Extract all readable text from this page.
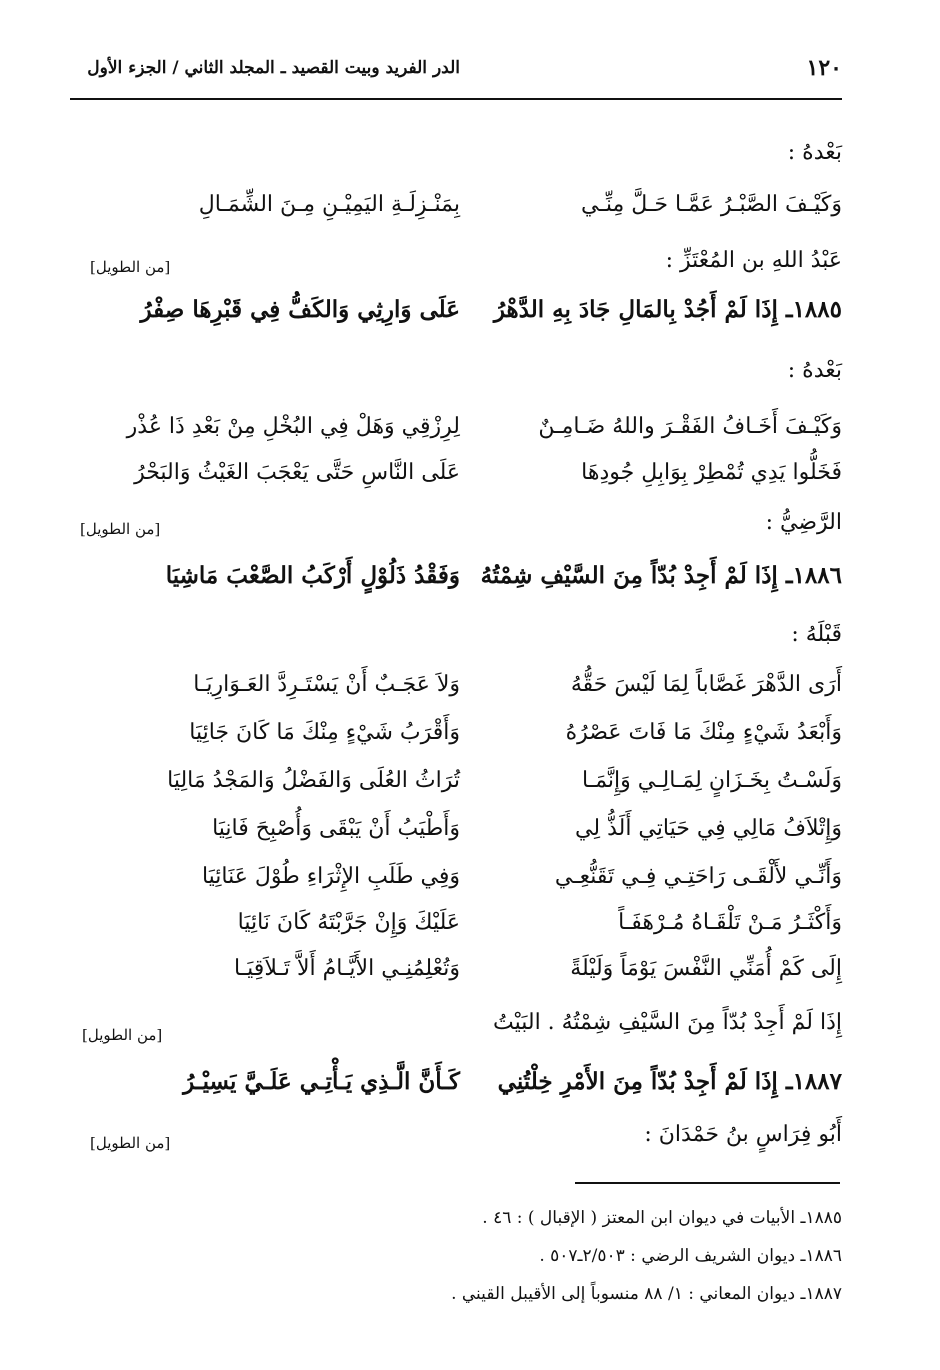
الدر الفريد وبيت القصيد ـ المجلد الثاني / الجزء الأول	١٢٠
بَعْدهُ :
وَكَيْـفَ الصَّبْـرُ عَمَّـا حَـلَّ مِنِّـي
بِمَنْـزِلَـةِ اليَمِيْـنِ مِـنَ الشِّمَـالِ
عَبْدُ اللهِ بن المُعْتَزِّ :
[من الطويل]
١٨٨٥ـ إِذَا لَمْ أَجُدْ بِالمَالِ جَادَ بِهِ الدَّهْرُ
عَلَى وَارِثِي وَالكَفُّ فِي قَبْرِهَا صِفْرُ
بَعْدهُ :
وَكَيْـفَ أَخَـافُ الفَقْـرَ واللهُ ضَـامِـنٌ
لِرِزْقِي وَهَلْ فِي البُخْلِ مِنْ بَعْدِ ذَا عُذْر
فَخَلُّوا يَدِي تُمْطِرْ بِوَابِلِ جُودِهَا
عَلَى النَّاسِ حَتَّى يَعْجَبَ الغَيْثُ وَالبَحْرُ
الرَّضِيُّ :
[من الطويل]
١٨٨٦ـ إِذَا لَمْ أَجِدْ بُدّاً مِنَ السَّيْفِ شِمْتُهُ
وَفَقْدُ ذَلُوْلٍ أَرْكَبُ الصَّعْبَ مَاشِيَا
قَبْلَهُ :
أَرَى الدَّهْرَ غَصَّاباً لِمَا لَيْسَ حَقُّهُ
وَلاَ عَجَـبٌ أَنْ يَسْتَـرِدَّ العَـوَارِيَـا
وَأَبْعَدُ شَيْءٍ مِنْكَ مَا فَاتَ عَصْرُهُ
وَأَقْرَبُ شَيْءٍ مِنْكَ مَا كَانَ جَائِيَا
وَلَسْـتُ بِخَـزَانٍ لِمَـالِـي وَإِنَّمَـا
تُرَاثُ العُلَى وَالفَضْلُ وَالمَجْدُ مَالِيَا
وَإِتْلاَفُ مَالِي فِي حَيَاتِي أَلَذُّ لِي
وَأَطْيَبُ أَنْ يَبْقَى وَأُصْبِحَ فَانِيَا
وَأَنِّـي لأَلْقَـى رَاحَتِـي فِـي تَقَنُّعِـي
وَفِي طَلَبِ الإِثْرَاءِ طُوْلَ عَنَائِيَا
وَأَكْثَـرُ مَـنْ تَلْقَـاهُ مُـرْهَفَـاً
عَلَيْكَ وَإِنْ جَرَّبْتَهُ كَانَ نَائِيَا
إِلَى كَمْ أُمَنِّي النَّفْسَ يَوْمَاً وَلَيْلَةً
وَتُعْلِمُنِـي الأَيَّـامُ أَلاَّ تَـلاَقِيَـا
إِذَا لَمْ أَجِدْ بُدّاً مِنَ السَّيْفِ شِمْتُهُ . البَيْتُ
[من الطويل]
١٨٨٧ـ إِذَا لَمْ أَجِدْ بُدّاً مِنَ الأَمْرِ خِلْتُنِي
كَـأَنَّ الَّـذِي يَـأْتِـي عَلَـيَّ يَسِيْـرُ
أَبُو فِرَاسٍ بنُ حَمْدَانَ :
[من الطويل]
١٨٨٥ـ الأبيات في ديوان ابن المعتز ( الإقبال ) : ٤٦ .
١٨٨٦ـ ديوان الشريف الرضي : ٢/٥٠٣ـ٥٠٧ .
١٨٨٧ـ ديوان المعاني : ١/ ٨٨ منسوباً إلى الأقيبل القيني .
